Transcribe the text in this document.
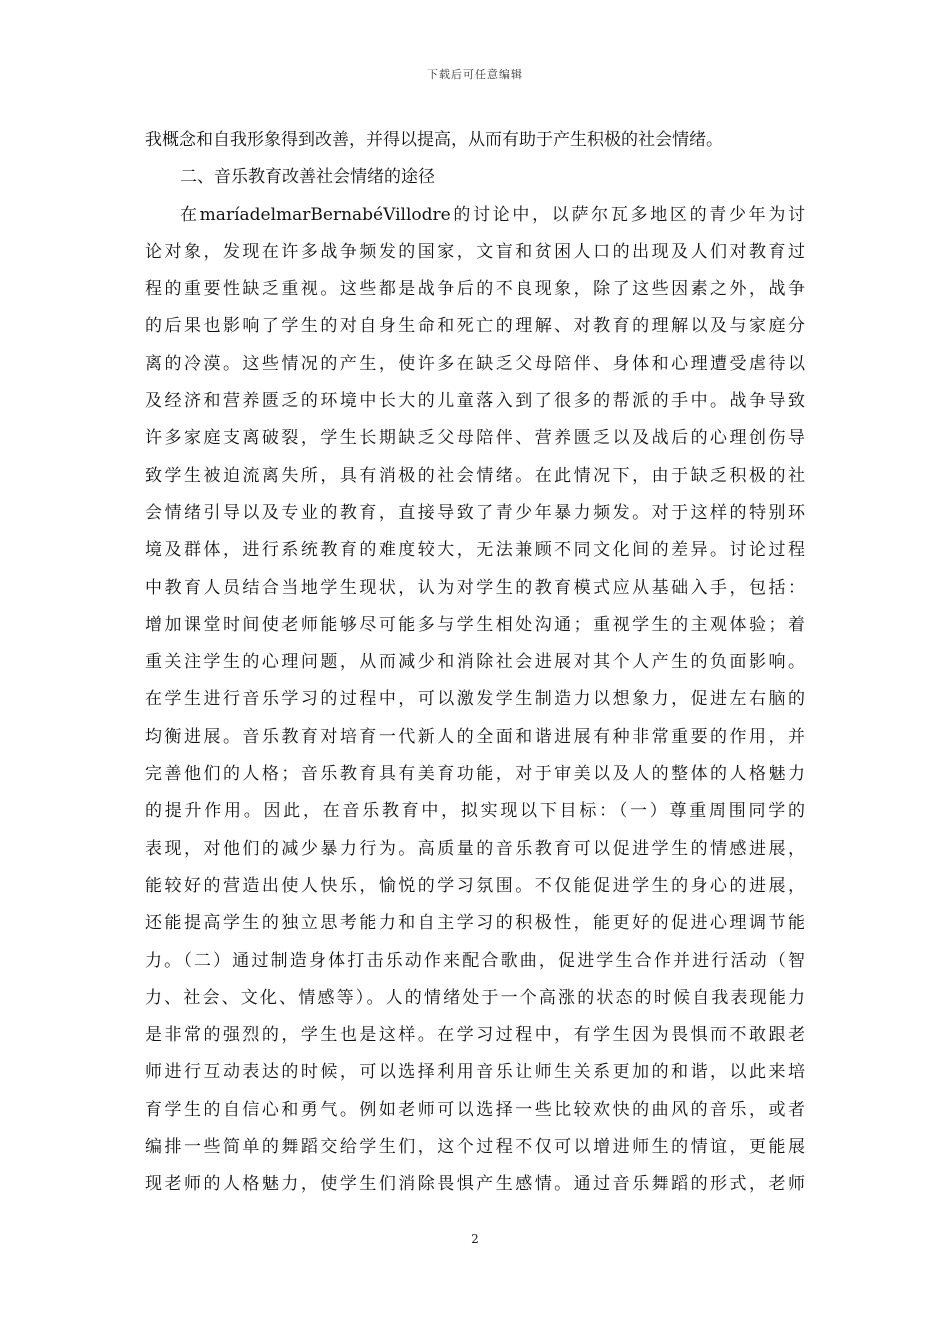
下载后可任意编辑
我概念和自我形象得到改善，并得以提高，从而有助于产生积极的社会情绪。
二、音乐教育改善社会情绪的途径
在maríadelmarBernabéVillodre的讨论中，以萨尔瓦多地区的青少年为讨
论对象，发现在许多战争频发的国家，文盲和贫困人口的出现及人们对教育过
程的重要性缺乏重视。这些都是战争后的不良现象，除了这些因素之外，战争
的后果也影响了学生的对自身生命和死亡的理解、对教育的理解以及与家庭分
离的冷漠。这些情况的产生，使许多在缺乏父母陪伴、身体和心理遭受虐待以
及经济和营养匮乏的环境中长大的儿童落入到了很多的帮派的手中。战争导致
许多家庭支离破裂，学生长期缺乏父母陪伴、营养匮乏以及战后的心理创伤导
致学生被迫流离失所，具有消极的社会情绪。在此情况下，由于缺乏积极的社
会情绪引导以及专业的教育，直接导致了青少年暴力频发。对于这样的特别环
境及群体，进行系统教育的难度较大，无法兼顾不同文化间的差异。讨论过程
中教育人员结合当地学生现状，认为对学生的教育模式应从基础入手，包括：
增加课堂时间使老师能够尽可能多与学生相处沟通；重视学生的主观体验；着
重关注学生的心理问题，从而减少和消除社会进展对其个人产生的负面影响。
在学生进行音乐学习的过程中，可以激发学生制造力以想象力，促进左右脑的
均衡进展。音乐教育对培育一代新人的全面和谐进展有种非常重要的作用，并
完善他们的人格；音乐教育具有美育功能，对于审美以及人的整体的人格魅力
的提升作用。因此，在音乐教育中，拟实现以下目标：（一）尊重周围同学的
表现，对他们的减少暴力行为。高质量的音乐教育可以促进学生的情感进展，
能较好的营造出使人快乐，愉悦的学习氛围。不仅能促进学生的身心的进展，
还能提高学生的独立思考能力和自主学习的积极性，能更好的促进心理调节能
力。（二）通过制造身体打击乐动作来配合歌曲，促进学生合作并进行活动（智
力、社会、文化、情感等）。人的情绪处于一个高涨的状态的时候自我表现能力
是非常的强烈的，学生也是这样。在学习过程中，有学生因为畏惧而不敢跟老
师进行互动表达的时候，可以选择利用音乐让师生关系更加的和谐，以此来培
育学生的自信心和勇气。例如老师可以选择一些比较欢快的曲风的音乐，或者
编排一些简单的舞蹈交给学生们，这个过程不仅可以增进师生的情谊，更能展
现老师的人格魅力，使学生们消除畏惧产生感情。通过音乐舞蹈的形式，老师
2
